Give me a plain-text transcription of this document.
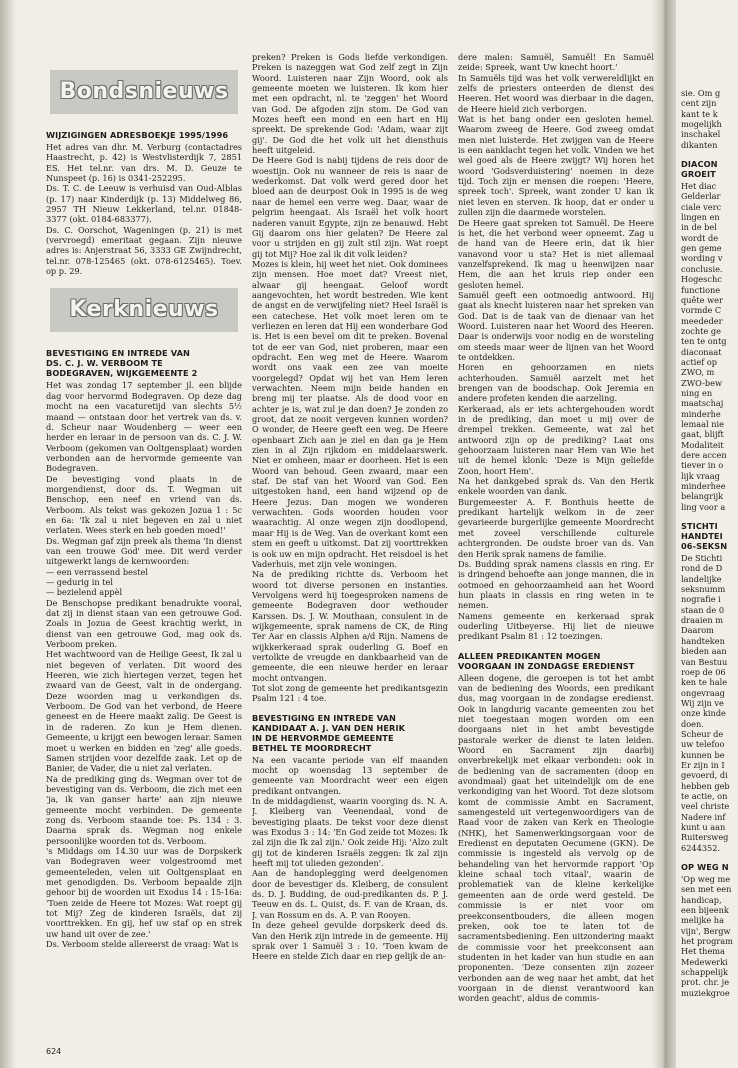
Bondsnieuws
WIJZIGINGEN ADRESBOEKJE 1995/1996

Het adres van dhr. M. Verburg (contactadres Haastrecht, p. 42) is Westvlisterdijk 7, 2851 ES. Het tel.nr. van drs. M. D. Geuze te Nunspeet (p. 16) is 0341-252295.

Ds. T. C. de Leeuw is verhuisd van Oud-Alblas (p. 17) naar Kinderdijk (p. 13) Middelweg 86, 2957 TH Nieuw Lekkerland, tel.nr. 01848-3377 (okt. 0184-683377).

Ds. C. Oorschot, Wageningen (p. 21) is met (vervroegd) emeritaat gegaan. Zijn nieuwe adres is: Anjerstraat 56, 3333 GE Zwijndrecht, tel.nr. 078-125465 (okt. 078-6125465). Toev. op p. 29.

Kerknieuws
BEVESTIGING EN INTREDE VAN
DS. C. J. W. VERBOOM TE
BODEGRAVEN, WIJKGEMEENTE 2

Het was zondag 17 september jl. een blijde dag voor hervormd Bodegraven. Op deze dag mocht na een vacaturetijd van slechts 5½ maand — ontstaan door het vertrek van ds. v. d. Scheur naar Woudenberg — weer een herder en leraar in de persoon van ds. C. J. W. Verboom (gekomen van Ooltgensplaat) worden verbonden aan de hervormde gemeente van Bodegraven.

De bevestiging vond plaats in de morgendienst, door ds. T. Wegman uit Benschop, een neef en vriend van ds. Verboom. Als tekst was gekozen Jozua 1 : 5c en 6a: 'Ik zal u niet begeven en zal u niet verlaten. Wees sterk en heb goeden moed!'

Ds. Wegman gaf zijn preek als thema 'In dienst van een trouwe God' mee. Dit werd verder uitgewerkt langs de kernwoorden:
— een verrassend bestel
— gedurig in tel
— bezielend appèl

De Benschopse predikant benadrukte vooral, dat zij in dienst staan van een getrouwe God. Zoals in Jozua de Geest krachtig werkt, in dienst van een getrouwe God, mag ook ds. Verboom preken.

Het wachtwoord van de Heilige Geest, Ik zal u niet begeven of verlaten. Dit woord des Heeren, wie zich hiertegen verzet, tegen het zwaard van de Geest, valt in de ondergang. Deze woorden mag u verkondigen ds. Verboom. De God van het verbond, de Heere geneest en de Heere maakt zalig. De Geest is in de raderen. Zo kun je Hem dienen. Gemeente, u krijgt een bewogen leraar. Samen moet u werken en bidden en 'zeg' alle goeds. Samen strijden voor dezelfde zaak. Let op de Banier, de Vader, die u niet zal verlaten.

Na de prediking ging ds. Wegman over tot de bevestiging van ds. Verboom, die zich met een 'ja, ik van ganser harte' aan zijn nieuwe gemeente mocht verbinden. De gemeente zong ds. Verboom staande toe: Ps. 134 : 3. Daarna sprak ds. Wegman nog enkele persoonlijke woorden tot ds. Verboom.

's Middags om 14.30 uur was de Dorpskerk van Bodegraven weer volgestroomd met gemeenteleden, velen uit Ooltgensplaat en met genodigden. Ds. Verboom bepaalde zijn gehoor bij de woorden uit Exodus 14 : 15-16a: 'Toen zeide de Heere tot Mozes: Wat roept gij tot Mij? Zeg de kinderen Israëls, dat zij voorttrekken. En gij, hef uw staf op en strek uw hand uit over de zee.'

Ds. Verboom stelde allereerst de vraag: Wat is

preken? Preken is Gods liefde verkondigen. Preken is nazeggen wat God zelf zegt in Zijn Woord. Luisteren naar Zijn Woord, ook als gemeente moeten we luisteren. Ik kom hier met een opdracht, nl. te 'zeggen' het Woord van God. De afgoden zijn stom. De God van Mozes heeft een mond en een hart en Hij spreekt. De sprekende God: 'Adam, waar zijt gij'. De God die het volk uit het diensthuis heeft uitgeleid.

De Heere God is nabij tijdens de reis door de woestijn. Ook nu wanneer de reis is naar de wederkomst. Dat volk werd gered door het bloed aan de deurpost Ook in 1995 is de weg naar de hemel een verre weg. Daar, waar de pelgrim heengaat. Als Israël het volk hoort naderen vanuit Egypte, zijn ze benauwd. Hebt Gij daarom ons hier gelaten? De Heere zal voor u strijden en gij zult stil zijn. Wat roept gij tot Mij? Hoe zal ik dit volk leiden?

Mozes is klein, hij weet het niet. Ook dominees zijn mensen. Hoe moet dat? Vreest niet, alwaar gij heengaat. Geloof wordt aangevochten, het wordt bestreden. Wie kent de angst en de verwijfeling niet? Heel Israël is een catechese. Het volk moet leren om te verliezen en leren dat Hij een wonderbare God is. Het is een bevel om dit te preken. Bovenal tot de eer van God, niet proberen, maar een opdracht. Een weg met de Heere. Waarom wordt ons vaak een zee van moeite voorgelegd? Opdat wij het van Hem leren verwachten. Neem mijn beide handen en breng mij ter plaatse. Als de dood voor en achter je is, wat zul je dan doen? Je zonden zo groot, dat ze nooit vergeven kunnen worden? O wonder, de Heere geeft een weg. De Heere openbaart Zich aan je ziel en dan ga je Hem zien in al Zijn rijkdom en middelaarswerk. Niet er omheen, maar er doorheen. Het is een Woord van behoud. Geen zwaard, maar een staf. De staf van het Woord van God. Een uitgestoken hand, een hand wijzend op de Heere Jezus. Dan mogen we wonderen verwachten. Gods woorden houden voor waarachtig. Al onze wegen zijn doodlopend, maar Hij is de Weg. Van de overkant komt een stem en geeft u uitkomst. Dat zij voorttrekken is ook uw en mijn opdracht. Het reisdoel is het Vaderhuis, met zijn vele woningen.

Na de prediking richtte ds. Verboom het woord tot diverse personen en instanties. Vervolgens werd hij toegesproken namens de gemeente Bodegraven door wethouder Karssen. Ds. J. W. Mouthaan, consulent in de wijkgemeente, sprak namens de CK, de Ring Ter Aar en classis Alphen a/d Rijn. Namens de wijkkerkeraad sprak ouderling G. Boef en vertolkte de vreugde en dankbaarheid van de gemeente, die een nieuwe herder en leraar mocht ontvangen.

Tot slot zong de gemeente het predikantsgezin Psalm 121 : 4 toe.

BEVESTIGING EN INTREDE VAN
KANDIDAAT A. J. VAN DEN HERIK
IN DE HERVORMDE GEMEENTE
BETHEL TE MOORDRECHT

Na een vacante periode van elf maanden mocht op woensdag 13 september de gemeente van Moordracht weer een eigen predikant ontvangen.

In de middagdienst, waarin voorging ds. N. A. J. Kleiberg van Veenendaal, vond de bevestiging plaats. De tekst voor deze dienst was Exodus 3 : 14: 'En God zeide tot Mozes: Ik zal zijn die Ik zal zijn.' Ook zeide Hij: 'Alzo zult gij tot de kinderen Israëls zeggen: Ik zal zijn heeft mij tot ulieden gezonden'.

Aan de handoplegging werd deelgenomen door de bevestiger ds. Kleiberg, de consulent ds. D. J. Budding, de oud-predikanten ds. P. J. Teeuw en ds. L. Quist, ds. F. van de Kraan, ds. J. van Rossum en ds. A. P. van Rooyen.

In deze geheel gevulde dorpskerk deed ds. Van den Herik zijn intrede in de gemeente. Hij sprak over 1 Samuël 3 : 10. 'Toen kwam de Heere en stelde Zich daar en riep gelijk de an-

dere malen: Samuël, Samuël! En Samuël zeide: Spreek, want Uw knecht hoort.'

In Samuëls tijd was het volk verwereldlijkt en zelfs de priesters onteerden de dienst des Heeren. Het woord was dierbaar in die dagen, de Heere hield zich verborgen.

Wat is het bang onder een gesloten hemel. Waarom zweeg de Heere. God zweeg omdat men niet luisterde. Het zwijgen van de Heere is een aanklacht tegen het volk. Vinden we het wel goed als de Heere zwijgt? Wij horen het woord 'Godsverduistering' noemen in deze tijd. Toch zijn er mensen die roepen: 'Heere, spreek toch'. Spreek, want zonder U kan ik niet leven en sterven. Ik hoop, dat er onder u zullen zijn die daarmede worstelen.

De Heere gaat spreken tot Samuël. De Heere is het, die het verbond weer opneemt. Zag u de hand van de Heere erin, dat ik hier vanavond voor u sta? Het is niet allemaal vanzelfsprekend. Ik mag u heenwijzen naar Hem, die aan het kruis riep onder een gesloten hemel.

Samuël geeft een ootmoedig antwoord. Hij gaat als knecht luisteren naar het spreken van God. Dat is de taak van de dienaar van het Woord. Luisteren naar het Woord des Heeren. Daar is onderwijs voor nodig en de worsteling om steeds maar weer de lijnen van het Woord te ontdekken.

Horen en gehoorzamen en niets achterhouden. Samuël aarzelt met het brengen van de boodschap. Ook Jeremia en andere profeten kenden die aarzeling.

Kerkeraad, als er iets achtergehouden wordt in de prediking, dan moet u mij over de drempel trekken. Gemeente, wat zal het antwoord zijn op de prediking? Laat ons gehoorzaam luisteren naar Hem van Wie het uit de hemel klonk: 'Deze is Mijn geliefde Zoon, hoort Hem'.

Na het dankgebed sprak ds. Van den Herik enkele woorden van dank.

Burgemeester A. F. Bonthuis heette de predikant hartelijk welkom in de zeer gevarieerde burgerlijke gemeente Moordrecht met zoveel verschillende culturele achtergronden. De oudste broer van ds. Van den Herik sprak namens de familie.

Ds. Budding sprak namens classis en ring. Er is dringend behoefte aan jonge mannen, die in ootmoed en gehoorzaamheid aan het Woord hun plaats in classis en ring weten in te nemen.

Namens gemeente en kerkeraad sprak ouderling Uitbeyerse. Hij liet de nieuwe predikant Psalm 81 : 12 toezingen.

ALLEEN PREDIKANTEN MOGEN
VOORGAAN IN ZONDAGSE EREDIENST

Alleen dogene, die geroepen is tot het ambt van de bediening des Woords, een predikant dus, mag voorgaan in de zondagse eredienst. Ook in langdurig vacante gemeenten zou het niet toegestaan mogen worden om een doorgaans niet in het ambt bevestigde pastorale werker de dienst te laten leiden. Woord en Sacrament zijn daarbij onverbrekelijk met elkaar verbonden: ook in de bediening van de sacramenten (doop en avondmaal) gaat het uiteindelijk om de ene verkondiging van het Woord. Tot deze slotsom komt de commissie Ambt en Sacrament, samengesteld uit vertegenwoordigers van de Raad voor de zaken van Kerk en Theologie (NHK), het Samenwerkingsorgaan voor de Eredienst en deputaten Oecumene (GKN). De commissie is ingesteld als vervolg op de behandeling van het hervormde rapport 'Op kleine schaal toch vitaal', waarin de problematiek van de kleine kerkelijke gemeenten aan de orde werd gesteld. De commissie is er niet voor om preekconsentbouders, die alleen mogen preken, ook toe te laten tot de sacramentsbediening. Een uitzondering maakt de commissie voor het preekconsent aan studenten in het kader van hun studie en aan proponenten. 'Deze consenten zijn zozeer verbonden aan de weg naar het ambt, dat het voorgaan in de dienst verantwoord kan worden geacht', aldus de commis-

sie. Om g
cent zijn
kant te k
mogelijkh
inschakel
dikanten

DIACON
GROEIT

Het diac
Gelderlar
ciale verc
lingen en
in de bel
wordt de
gen geme
wording v
conclusie.
Hogeschc
functione
quête wer
vormde C
meededer
zochte ge
ten te ontg
diaconaat
actief op
ZWO, m
ZWO-bew
ning en
maatschaj
minderhe
lemaal nie
gaat, blijft
Modaliteit
dere accen
tiever in o
lijk vraag
minderhee
belangrijk
ling voor a

STICHTI
HANDTEI
06-SEKSN

De Stichti
rond de D
landelijke
seksnumm
nografie i
staan de 0
draaien m
Daarom
handteken
bieden aan
van Bestuu
roep de 06
ken te hale
ongevraag
Wij zijn ve
onze kinde
doen.
Scheur de
uw telefoo
kunnen be
Er zijn in I
gevoerd, di
hebben geb
te actie, on
veel christe
Nadere inf
kunt u aan
Ruitersweg
6244352.

OP WEG N

'Op weg me
sen met een
handicap,
een bijeenk
melijke ha
vijn', Bergw
het program
Het thema
Medewerki
schappelijk
prot. chr. je
muziekgroe

624
